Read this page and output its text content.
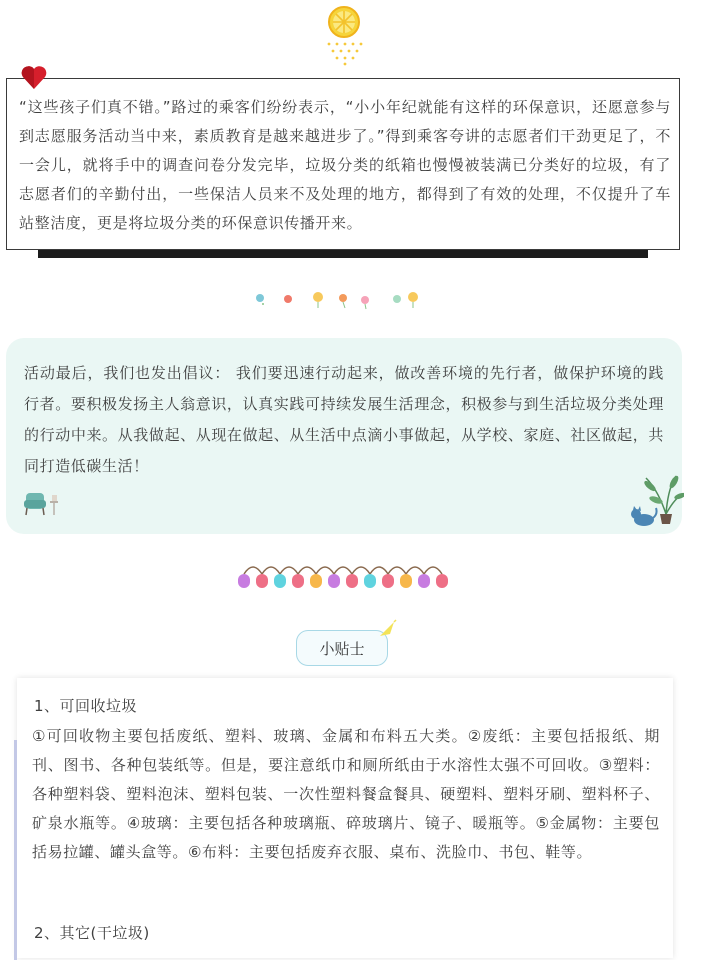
“这些孩子们真不错。”路过的乘客们纷纷表示，“小小年纪就能有这样的环保意识，还愿意参与到志愿服务活动当中来，素质教育是越来越进步了。”得到乘客夸讲的志愿者们干劲更足了，不一会儿，就将手中的调查问卷分发完毕，垃圾分类的纸箱也慢慢被装满已分类好的垃圾，有了志愿者们的辛勤付出，一些保洁人员来不及处理的地方，都得到了有效的处理，不仅提升了车站整洁度，更是将垃圾分类的环保意识传播开来。

活动最后，我们也发出倡议： 我们要迅速行动起来，做改善环境的先行者，做保护环境的践行者。要积极发扬主人翁意识，认真实践可持续发展生活理念，积极参与到生活垃圾分类处理的行动中来。从我做起、从现在做起、从生活中点滴小事做起，从学校、家庭、社区做起，共同打造低碳生活！

小贴士

1、可回收垃圾

①可回收物主要包括废纸、塑料、玻璃、金属和布料五大类。②废纸：主要包括报纸、期刊、图书、各种包装纸等。但是，要注意纸巾和厕所纸由于水溶性太强不可回收。③塑料：各种塑料袋、塑料泡沫、塑料包装、一次性塑料餐盒餐具、硬塑料、塑料牙刷、塑料杯子、矿泉水瓶等。④玻璃：主要包括各种玻璃瓶、碎玻璃片、镜子、暖瓶等。⑤金属物：主要包括易拉罐、罐头盒等。⑥布料：主要包括废弃衣服、桌布、洗脸巾、书包、鞋等。

2、其它(干垃圾)
